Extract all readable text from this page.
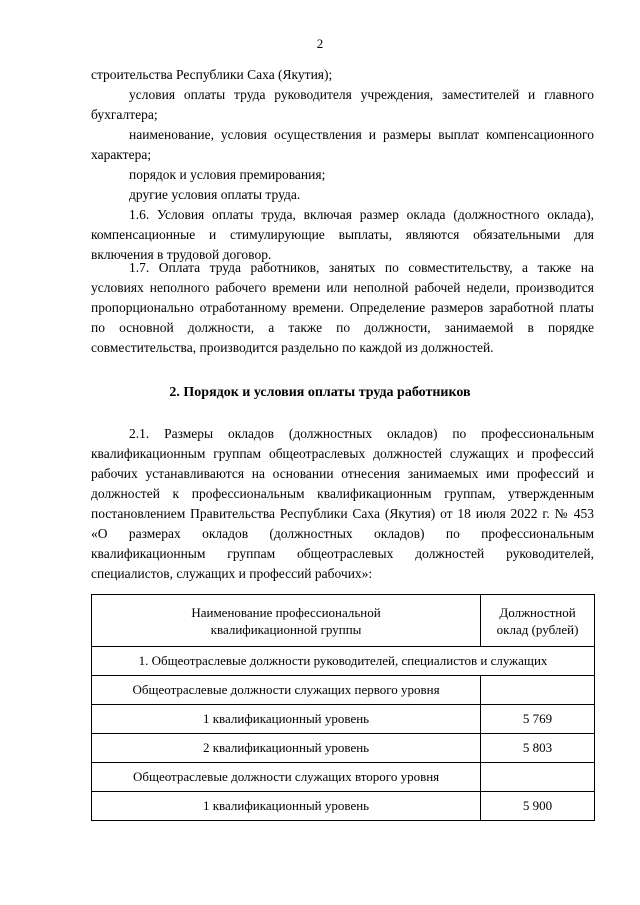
2

строительства Республики Саха (Якутия);

условия оплаты труда руководителя учреждения, заместителей и главного бухгалтера;

наименование, условия осуществления и размеры выплат компенсационного характера;

порядок и условия премирования;

другие условия оплаты труда.

1.6. Условия оплаты труда, включая размер оклада (должностного оклада), компенсационные и стимулирующие выплаты, являются обязательными для включения в трудовой договор.

1.7. Оплата труда работников, занятых по совместительству, а также на условиях неполного рабочего времени или неполной рабочей недели, производится пропорционально отработанному времени. Определение размеров заработной платы по основной должности, а также по должности, занимаемой в порядке совместительства, производится раздельно по каждой из должностей.

2. Порядок и условия оплаты труда работников

2.1. Размеры окладов (должностных окладов) по профессиональным квалификационным группам общеотраслевых должностей служащих и профессий рабочих устанавливаются на основании отнесения занимаемых ими профессий и должностей к профессиональным квалификационным группам, утвержденным постановлением Правительства Республики Саха (Якутия) от 18 июля 2022 г. № 453 «О размерах окладов (должностных окладов) по профессиональным квалификационным группам общеотраслевых должностей руководителей, специалистов, служащих и профессий рабочих»:

Наименование профессиональной
квалификационной группы	Должностной
оклад (рублей)

1. Общеотраслевые должности руководителей, специалистов и служащих	
Общеотраслевые должности служащих первого уровня	
1 квалификационный уровень	5 769
2 квалификационный уровень	5 803
Общеотраслевые должности служащих второго уровня	
1 квалификационный уровень	5 900
